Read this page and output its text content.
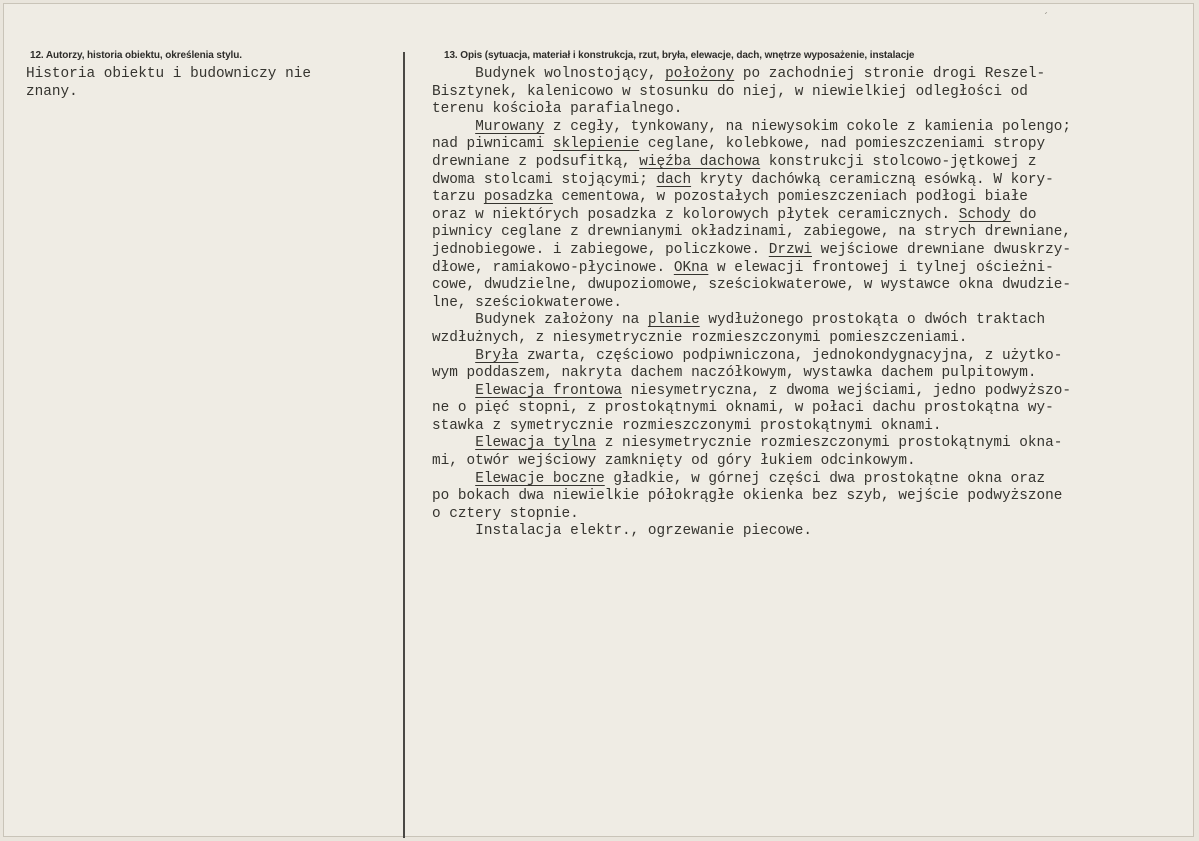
ˊ
12. Autorzy, historia obiektu, określenia stylu.
Historia obiektu i budowniczy nie
znany.
13. Opis (sytuacja, materiał i konstrukcja, rzut, bryła, elewacje, dach, wnętrze wyposażenie, instalacje
Budynek wolnostojący, położony po zachodniej stronie drogi Reszel-
Bisztynek, kalenicowo w stosunku do niej, w niewielkiej odległości od
terenu kościoła parafialnego.
Murowany z cegły, tynkowany, na niewysokim cokole z kamienia polengo;
nad piwnicami sklepienie ceglane, kolebkowe, nad pomieszczeniami stropy
drewniane z podsufitką, więźba dachowa konstrukcji stolcowo-jętkowej z
dwoma stolcami stojącymi; dach kryty dachówką ceramiczną esówką. W kory-
tarzu posadzka cementowa, w pozostałych pomieszczeniach podłogi białe
oraz w niektórych posadzka z kolorowych płytek ceramicznych. Schody do
piwnicy ceglane z drewnianymi okładzinami, zabiegowe, na strych drewniane,
jednobiegowe. i zabiegowe, policzkowe. Drzwi wejściowe drewniane dwuskrzy-
dłowe, ramiakowo-płycinowe. OKna w elewacji frontowej i tylnej ościeżni-
cowe, dwudzielne, dwupoziomowe, sześciokwaterowe, w wystawce okna dwudzie-
lne, sześciokwaterowe.
Budynek założony na planie wydłużonego prostokąta o dwóch traktach
wzdłużnych, z niesymetrycznie rozmieszczonymi pomieszczeniami.
Bryła zwarta, częściowo podpiwniczona, jednokondygnacyjna, z użytko-
wym poddaszem, nakryta dachem naczółkowym, wystawka dachem pulpitowym.
Elewacja frontowa niesymetryczna, z dwoma wejściami, jedno podwyższo-
ne o pięć stopni, z prostokątnymi oknami, w połaci dachu prostokątna wy-
stawka z symetrycznie rozmieszczonymi prostokątnymi oknami.
Elewacja tylna z niesymetrycznie rozmieszczonymi prostokątnymi okna-
mi, otwór wejściowy zamknięty od góry łukiem odcinkowym.
Elewacje boczne gładkie, w górnej części dwa prostokątne okna oraz
po bokach dwa niewielkie półokrągłe okienka bez szyb, wejście podwyższone
o cztery stopnie.
Instalacja elektr., ogrzewanie piecowe.
